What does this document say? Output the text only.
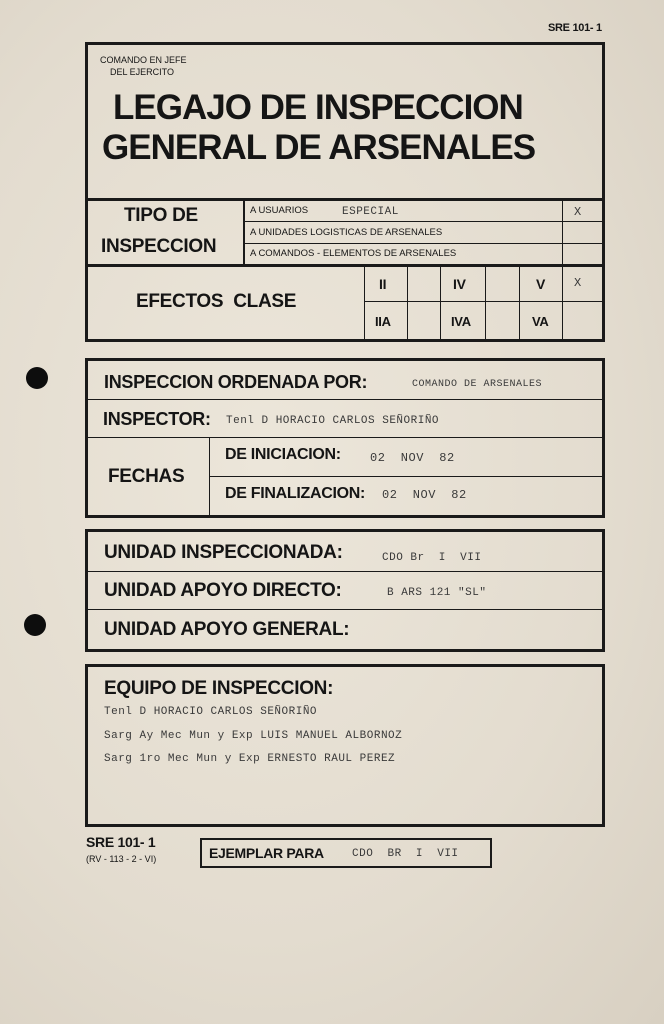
SRE 101- 1
COMANDO EN JEFE
DEL EJERCITO
LEGAJO DE INSPECCION
GENERAL DE ARSENALES
TIPO DE
INSPECCION
A USUARIOS	ESPECIAL	X
A UNIDADES LOGISTICAS DE ARSENALES
A COMANDOS - ELEMENTOS DE ARSENALES
EFECTOS  CLASE
II	IV	V X
IIA	IVA	VA
INSPECCION ORDENADA POR:	COMANDO DE ARSENALES
INSPECTOR: Tenl D HORACIO CARLOS SEÑORIÑO
FECHAS
DE INICIACION: 02  NOV  82
DE FINALIZACION: 02  NOV  82
UNIDAD INSPECCIONADA:	CDO Br  I  VII
UNIDAD APOYO DIRECTO:	B ARS 121 "SL"
UNIDAD APOYO GENERAL:
EQUIPO DE INSPECCION:
Tenl D HORACIO CARLOS SEÑORIÑO
Sarg Ay Mec Mun y Exp LUIS MANUEL ALBORNOZ
Sarg 1ro Mec Mun y Exp ERNESTO RAUL PEREZ
SRE 101- 1
(RV - 113 - 2 - VI)	EJEMPLAR PARA	CDO  BR  I  VII
